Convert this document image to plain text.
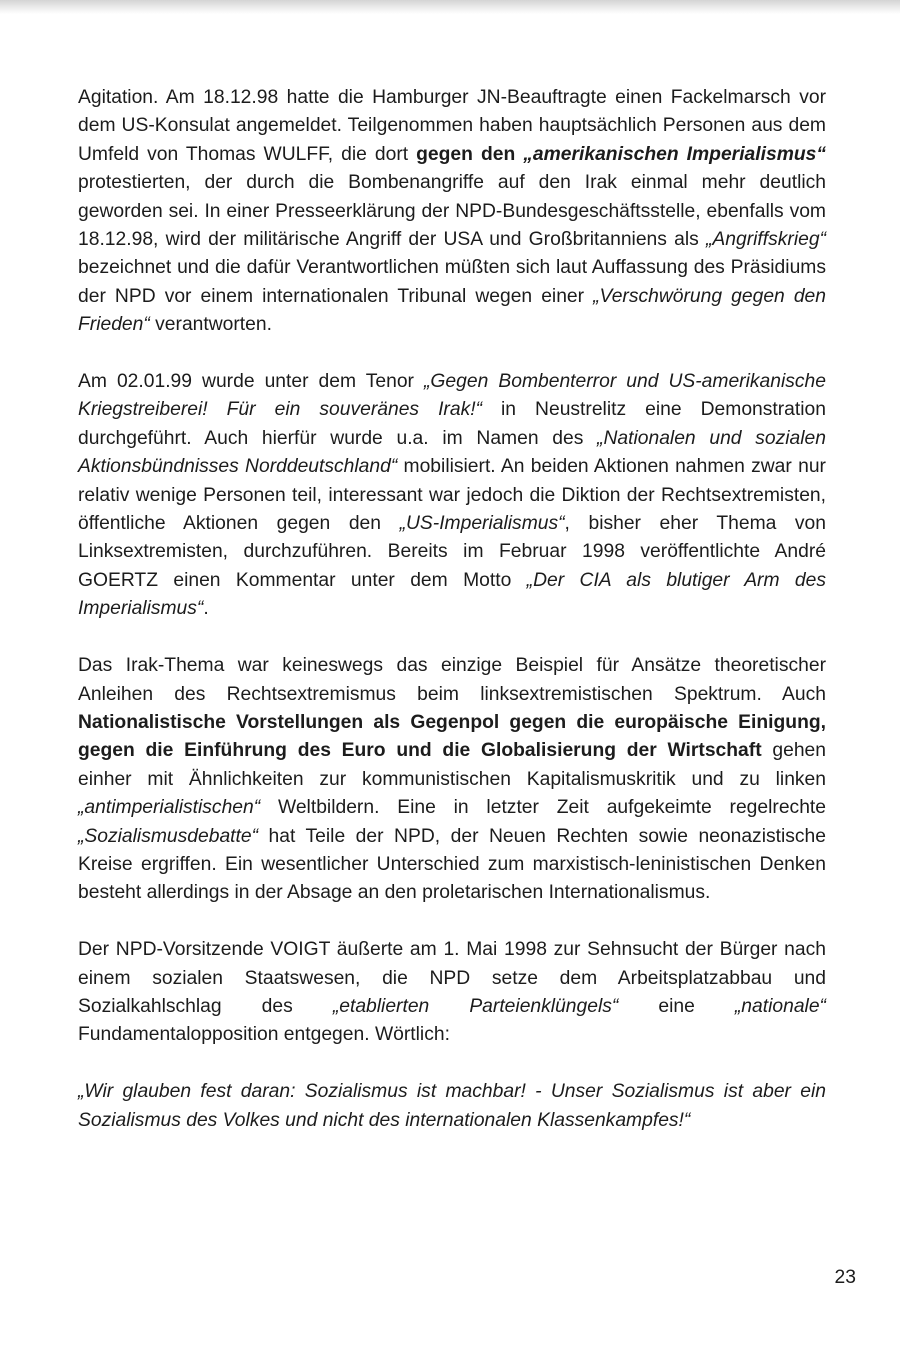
Agitation. Am 18.12.98 hatte die Hamburger JN-Beauftragte einen Fackelmarsch vor dem US-Konsulat angemeldet. Teilgenommen haben hauptsächlich Personen aus dem Umfeld von Thomas WULFF, die dort gegen den „amerikanischen Imperialismus“ protestierten, der durch die Bombenangriffe auf den Irak einmal mehr deutlich geworden sei. In einer Presseerklärung der NPD-Bundesgeschäftsstelle, ebenfalls vom 18.12.98, wird der militärische Angriff der USA und Großbritanniens als „Angriffskrieg“ bezeichnet und die dafür Verantwortlichen müßten sich laut Auffassung des Präsidiums der NPD vor einem internationalen Tribunal wegen einer „Verschwörung gegen den Frieden“ verantworten.

Am 02.01.99 wurde unter dem Tenor „Gegen Bombenterror und US-amerikanische Kriegstreiberei! Für ein souveränes Irak!“ in Neustrelitz eine Demonstration durchgeführt. Auch hierfür wurde u.a. im Namen des „Nationalen und sozialen Aktionsbündnisses Norddeutschland“ mobilisiert. An beiden Aktionen nahmen zwar nur relativ wenige Personen teil, interessant war jedoch die Diktion der Rechtsextremisten, öffentliche Aktionen gegen den „US-Imperialismus“, bisher eher Thema von Linksextremisten, durchzuführen. Bereits im Februar 1998 veröffentlichte André GOERTZ einen Kommentar unter dem Motto „Der CIA als blutiger Arm des Imperialismus“.

Das Irak-Thema war keineswegs das einzige Beispiel für Ansätze theoretischer Anleihen des Rechtsextremismus beim linksextremistischen Spektrum. Auch Nationalistische Vorstellungen als Gegenpol gegen die europäische Einigung, gegen die Einführung des Euro und die Globalisierung der Wirtschaft gehen einher mit Ähnlichkeiten zur kommunistischen Kapitalismuskritik und zu linken „antimperialistischen“ Weltbildern. Eine in letzter Zeit aufgekeimte regelrechte „Sozialismusdebatte“ hat Teile der NPD, der Neuen Rechten sowie neonazistische Kreise ergriffen. Ein wesentlicher Unterschied zum marxistisch-leninistischen Denken besteht allerdings in der Absage an den proletarischen Internationalismus.

Der NPD-Vorsitzende VOIGT äußerte am 1. Mai 1998 zur Sehnsucht der Bürger nach einem sozialen Staatswesen, die NPD setze dem Arbeitsplatzabbau und Sozialkahlschlag des „etablierten Parteienklüngels“ eine „nationale“ Fundamentalopposition entgegen. Wörtlich:

„Wir glauben fest daran: Sozialismus ist machbar! - Unser Sozialismus ist aber ein Sozialismus des Volkes und nicht des internationalen Klassenkampfes!“

23
